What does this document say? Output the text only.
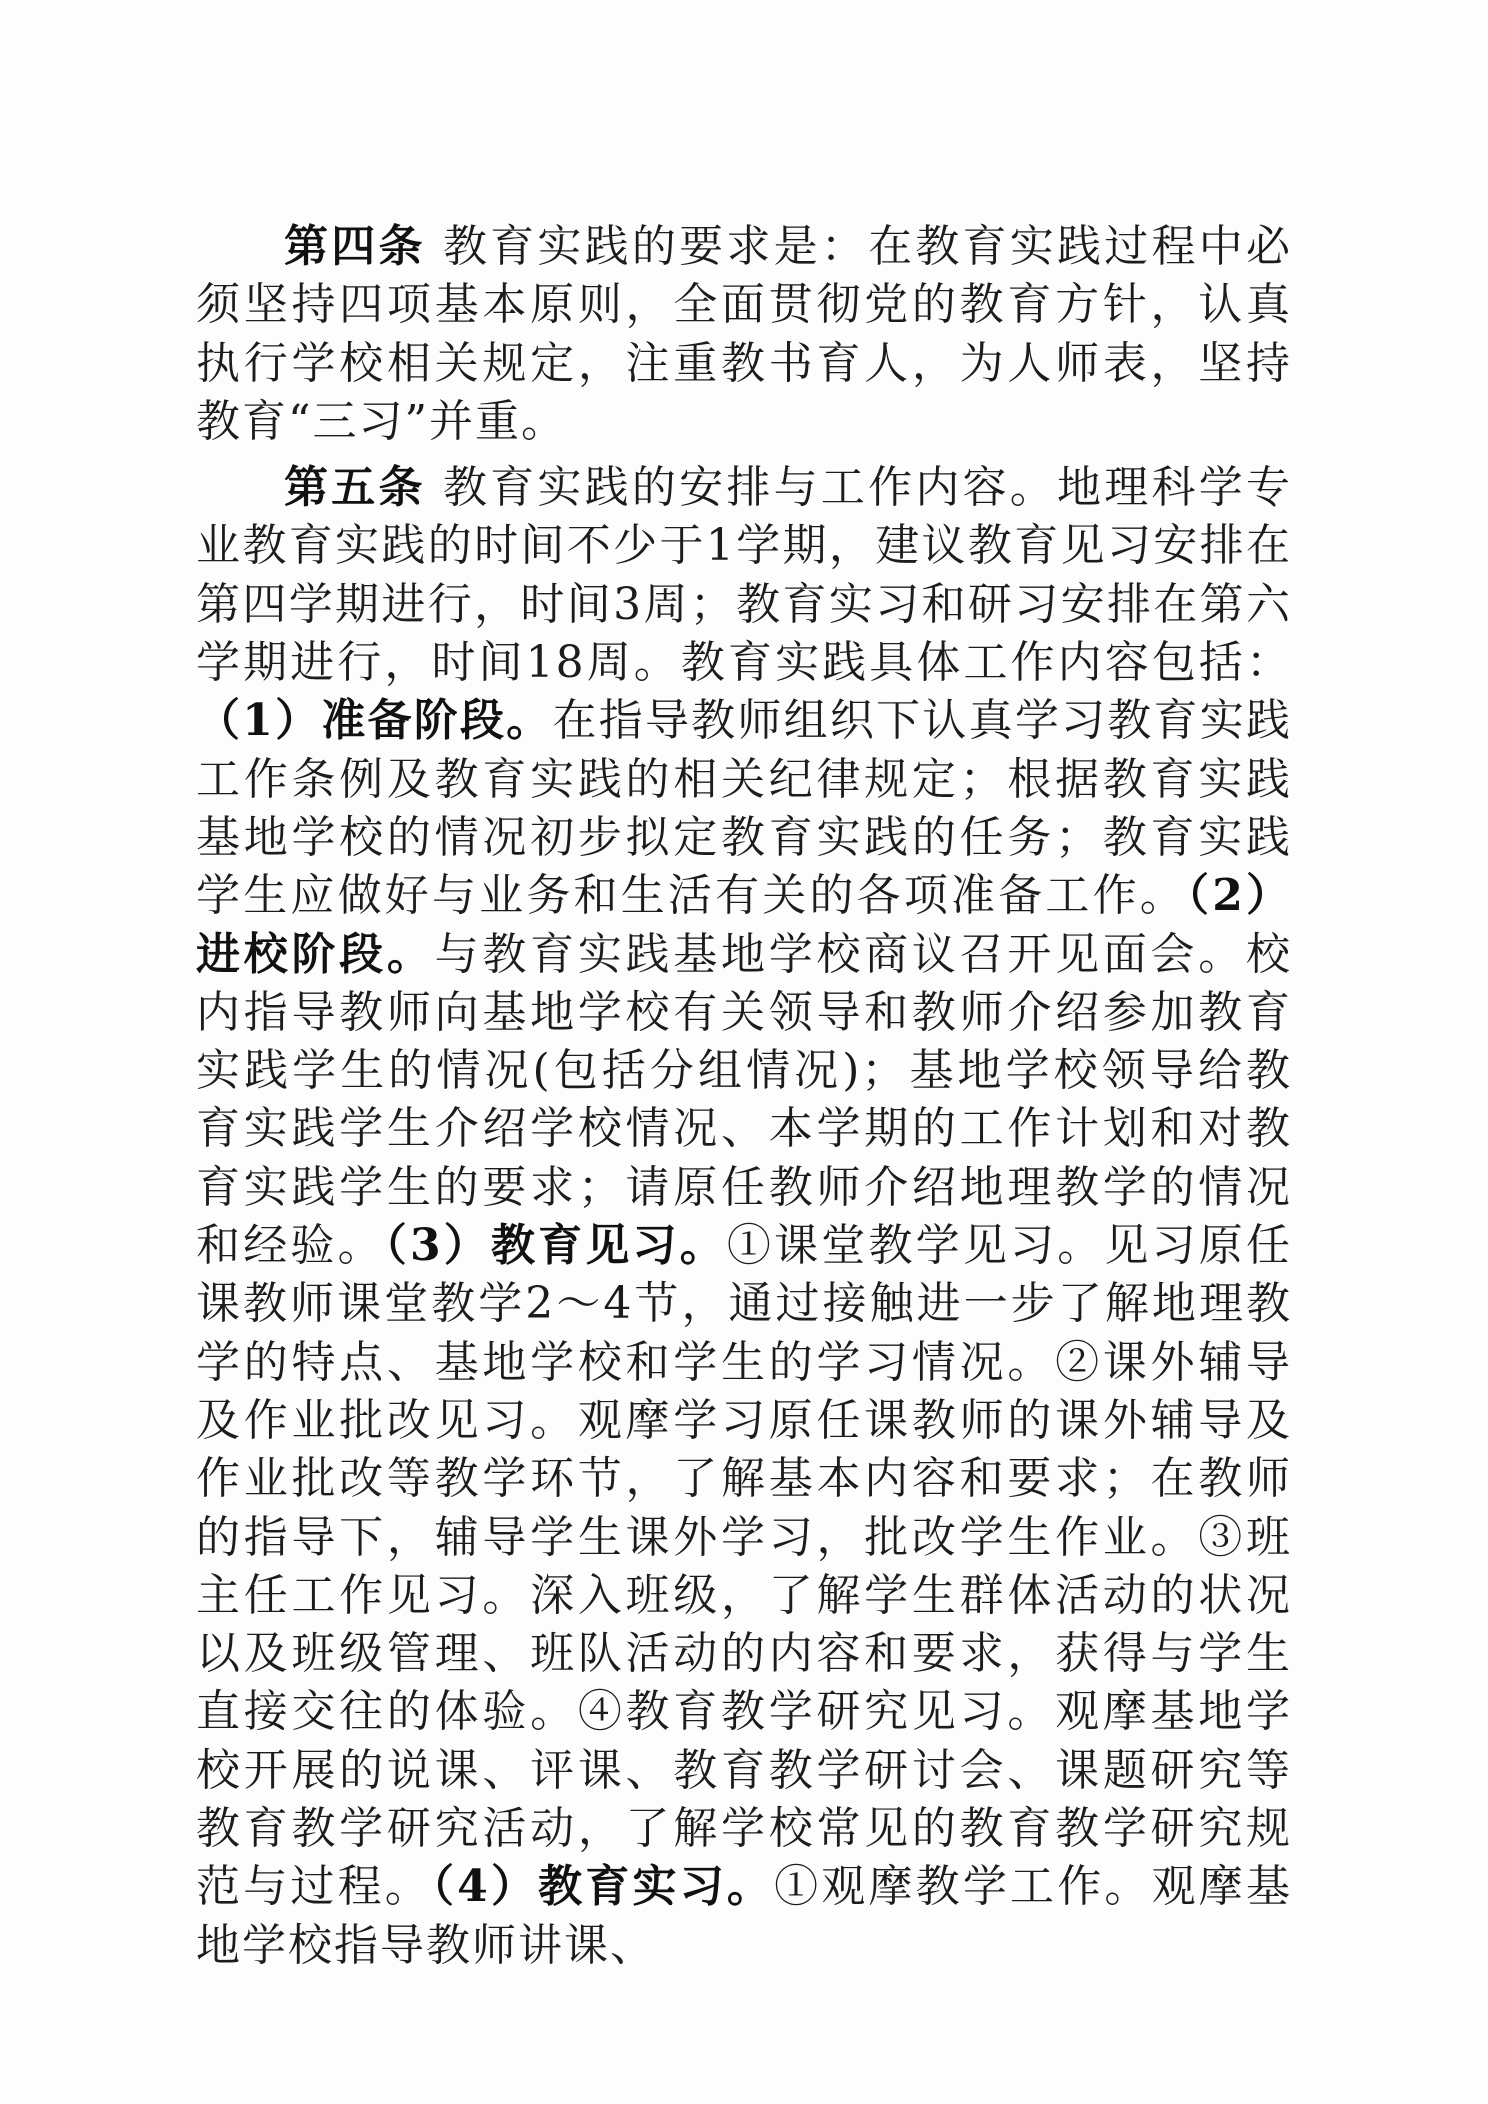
第四条 教育实践的要求是：在教育实践过程中必须坚持四项基本原则，全面贯彻党的教育方针，认真执行学校相关规定，注重教书育人，为人师表，坚持教育“三习”并重。

第五条 教育实践的安排与工作内容。地理科学专业教育实践的时间不少于1学期，建议教育见习安排在第四学期进行，时间3周；教育实习和研习安排在第六学期进行，时间18周。教育实践具体工作内容包括：（1）准备阶段。在指导教师组织下认真学习教育实践工作条例及教育实践的相关纪律规定；根据教育实践基地学校的情况初步拟定教育实践的任务；教育实践学生应做好与业务和生活有关的各项准备工作。（2）进校阶段。与教育实践基地学校商议召开见面会。校内指导教师向基地学校有关领导和教师介绍参加教育实践学生的情况(包括分组情况)；基地学校领导给教育实践学生介绍学校情况、本学期的工作计划和对教育实践学生的要求；请原任教师介绍地理教学的情况和经验。（3）教育见习。①课堂教学见习。见习原任课教师课堂教学2～4节，通过接触进一步了解地理教学的特点、基地学校和学生的学习情况。②课外辅导及作业批改见习。观摩学习原任课教师的课外辅导及作业批改等教学环节，了解基本内容和要求；在教师的指导下，辅导学生课外学习，批改学生作业。③班主任工作见习。深入班级，了解学生群体活动的状况以及班级管理、班队活动的内容和要求，获得与学生直接交往的体验。④教育教学研究见习。观摩基地学校开展的说课、评课、教育教学研讨会、课题研究等教育教学研究活动，了解学校常见的教育教学研究规范与过程。（4）教育实习。①观摩教学工作。观摩基地学校指导教师讲课、
